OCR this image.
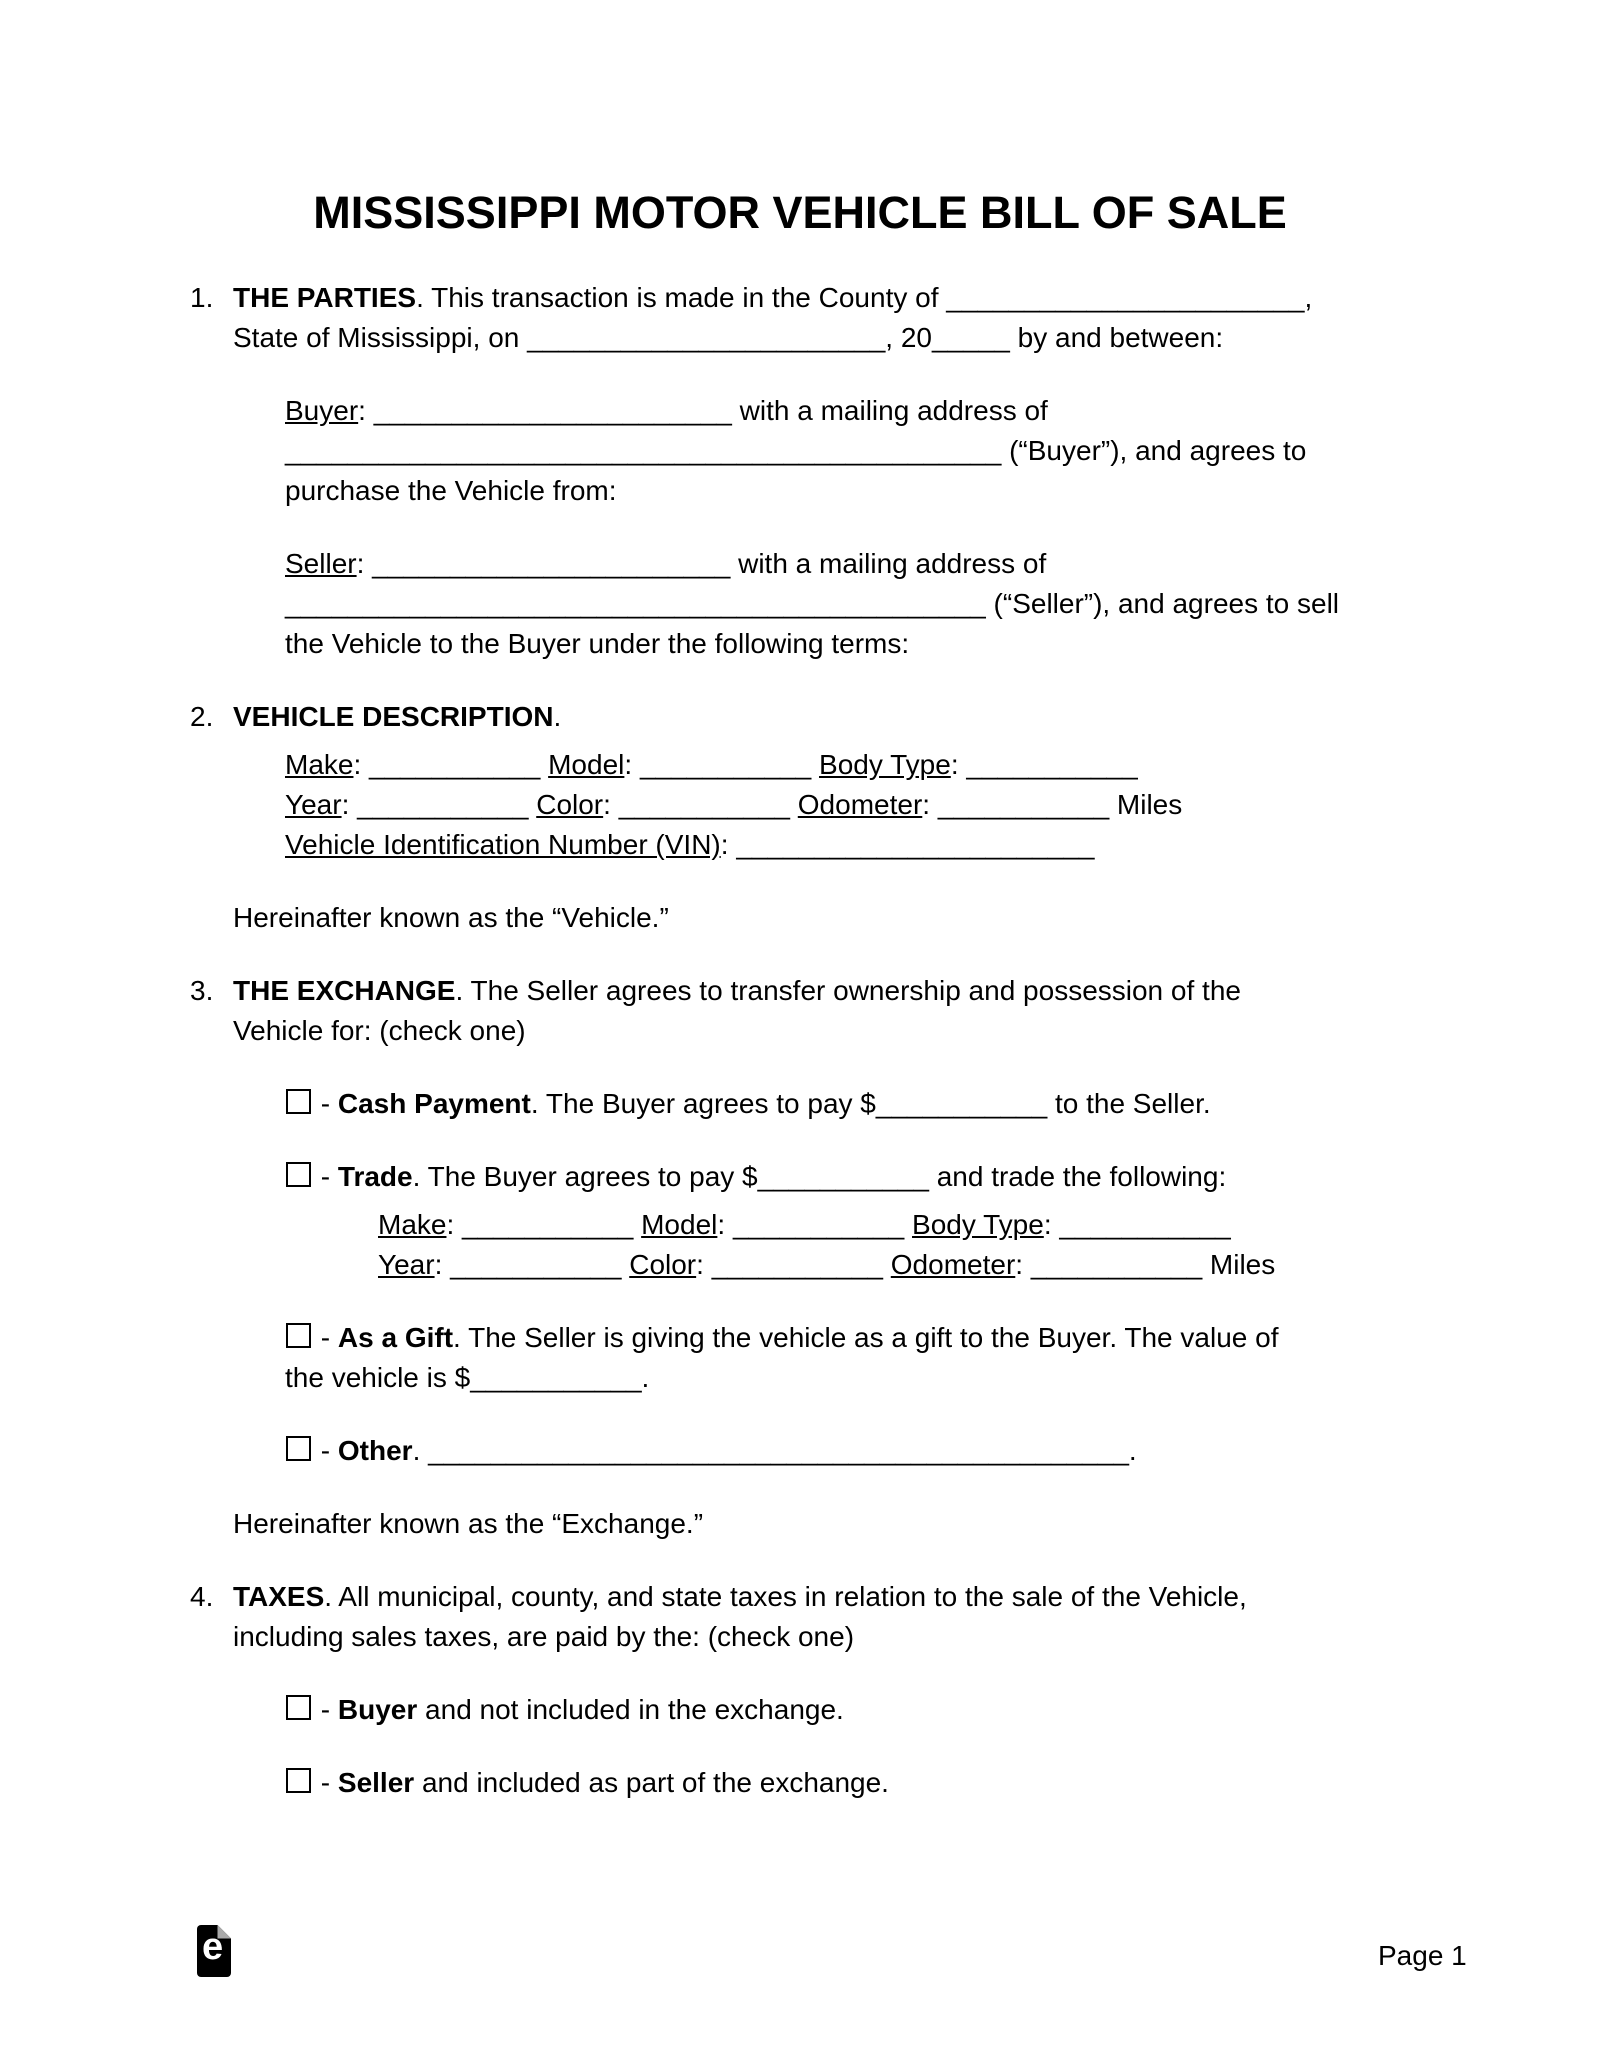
MISSISSIPPI MOTOR VEHICLE BILL OF SALE
1. THE PARTIES. This transaction is made in the County of _______________________,
State of Mississippi, on _______________________, 20_____ by and between:
Buyer: _______________________ with a mailing address of
______________________________________________ (“Buyer”), and agrees to
purchase the Vehicle from:
Seller: _______________________ with a mailing address of
_____________________________________________ (“Seller”), and agrees to sell
the Vehicle to the Buyer under the following terms:
2. VEHICLE DESCRIPTION.
Make: ___________ Model: ___________ Body Type: ___________
Year: ___________ Color: ___________ Odometer: ___________ Miles
Vehicle Identification Number (VIN): _______________________
Hereinafter known as the “Vehicle.”
3. THE EXCHANGE. The Seller agrees to transfer ownership and possession of the
Vehicle for: (check one)
- Cash Payment. The Buyer agrees to pay $___________ to the Seller.
- Trade. The Buyer agrees to pay $___________ and trade the following:
Make: ___________ Model: ___________ Body Type: ___________
Year: ___________ Color: ___________ Odometer: ___________ Miles
- As a Gift. The Seller is giving the vehicle as a gift to the Buyer. The value of
the vehicle is $___________.
- Other. _____________________________________________.
Hereinafter known as the “Exchange.”
4. TAXES. All municipal, county, and state taxes in relation to the sale of the Vehicle,
including sales taxes, are paid by the: (check one)
- Buyer and not included in the exchange.
- Seller and included as part of the exchange.
e	Page 1
